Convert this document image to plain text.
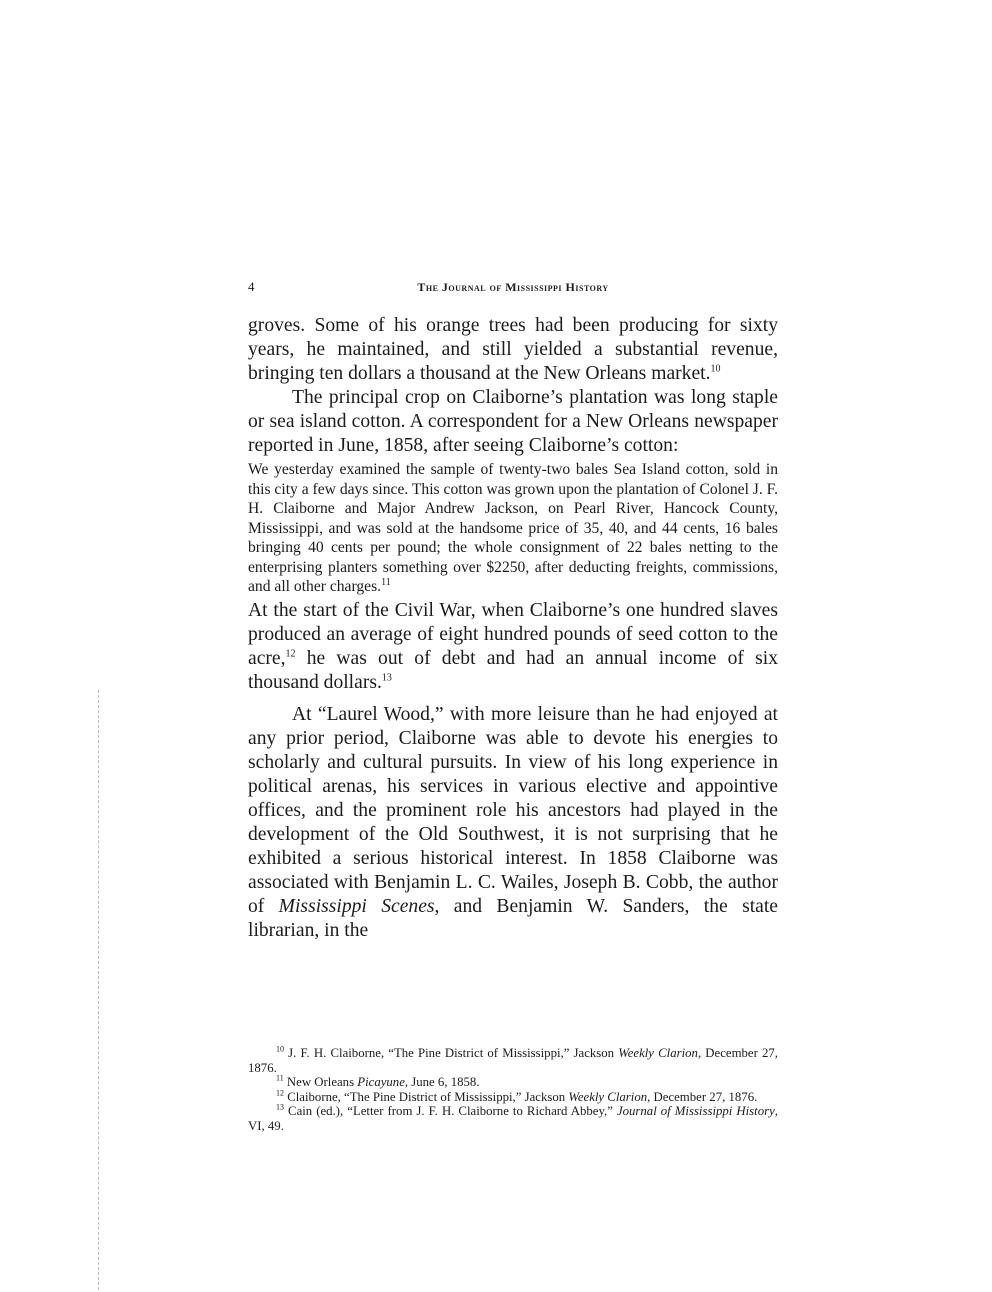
4	The Journal of Mississippi History

groves. Some of his orange trees had been producing for sixty years, he maintained, and still yielded a substantial revenue, bringing ten dollars a thousand at the New Orleans market.$^{10}$

The principal crop on Claiborne’s plantation was long staple or sea island cotton. A correspondent for a New Orleans newspaper reported in June, 1858, after seeing Claiborne’s cotton:

We yesterday examined the sample of twenty-two bales Sea Island cotton, sold in this city a few days since. This cotton was grown upon the plantation of Colonel J. F. H. Claiborne and Major Andrew Jackson, on Pearl River, Hancock County, Mississippi, and was sold at the handsome price of 35, 40, and 44 cents, 16 bales bringing 40 cents per pound; the whole consignment of 22 bales netting to the enterprising planters something over $2250, after deducting freights, commissions, and all other charges.$^{11}$

At the start of the Civil War, when Claiborne’s one hundred slaves produced an average of eight hundred pounds of seed cotton to the acre,$^{12}$ he was out of debt and had an annual income of six thousand dollars.$^{13}$

At “Laurel Wood,” with more leisure than he had enjoyed at any prior period, Claiborne was able to devote his energies to scholarly and cultural pursuits. In view of his long experience in political arenas, his services in various elective and appointive offices, and the prominent role his ancestors had played in the development of the Old Southwest, it is not surprising that he exhibited a serious historical interest. In 1858 Claiborne was associated with Benjamin L. C. Wailes, Joseph B. Cobb, the author of Mississippi Scenes, and Benjamin W. Sanders, the state librarian, in the

$^{10}$ J. F. H. Claiborne, “The Pine District of Mississippi,” Jackson Weekly Clarion, December 27, 1876.

$^{11}$ New Orleans Picayune, June 6, 1858.

$^{12}$ Claiborne, “The Pine District of Mississippi,” Jackson Weekly Clarion, December 27, 1876.

$^{13}$ Cain (ed.), “Letter from J. F. H. Claiborne to Richard Abbey,” Journal of Mississippi History, VI, 49.
